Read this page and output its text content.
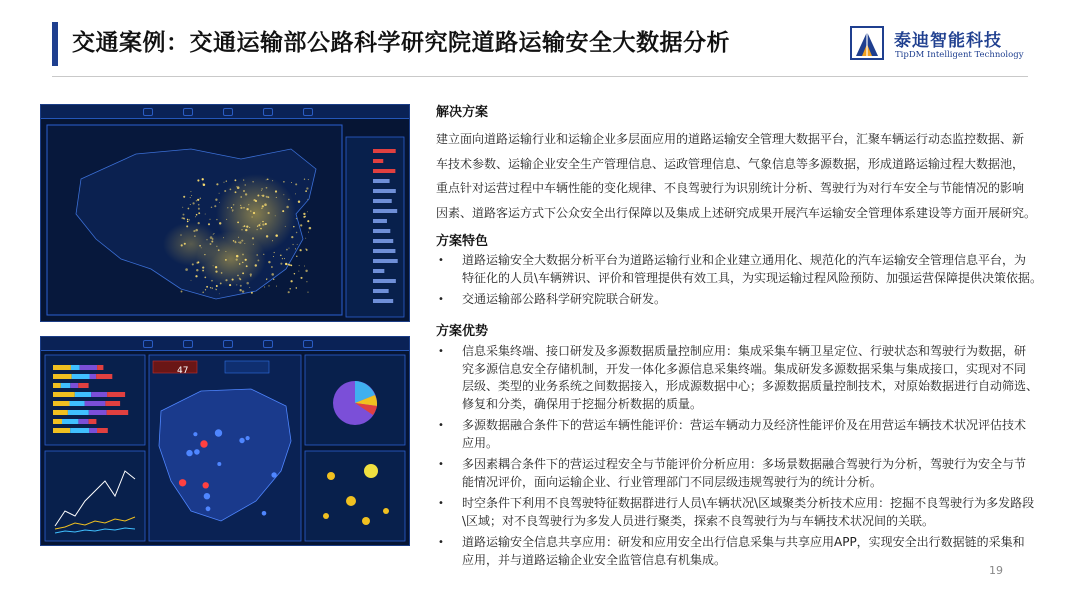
交通案例：交通运输部公路科学研究院道路运输安全大数据分析	泰迪智能科技
TipDM Intelligent Technology
47
解决方案

建立面向道路运输行业和运输企业多层面应用的道路运输安全管理大数据平台，汇聚车辆运行动态监控数据、新

车技术参数、运输企业安全生产管理信息、运政管理信息、气象信息等多源数据，形成道路运输过程大数据池，

重点针对运营过程中车辆性能的变化规律、不良驾驶行为识别统计分析、驾驶行为对行车安全与节能情况的影响

因素、道路客运方式下公众安全出行保障以及集成上述研究成果开展汽车运输安全管理体系建设等方面开展研究。

方案特色
• 道路运输安全大数据分析平台为道路运输行业和企业建立通用化、规范化的汽车运输安全管理信息平台，为
特征化的人员\车辆辨识、评价和管理提供有效工具，为实现运输过程风险预防、加强运营保障提供决策依据。
• 交通运输部公路科学研究院联合研发。
方案优势
• 信息采集终端、接口研发及多源数据质量控制应用：集成采集车辆卫星定位、行驶状态和驾驶行为数据，研
究多源信息安全存储机制，开发一体化多源信息采集终端。集成研发多源数据采集与集成接口，实现对不同
层级、类型的业务系统之间数据接入，形成源数据中心；多源数据质量控制技术，对原始数据进行自动筛选、
修复和分类，确保用于挖掘分析数据的质量。
• 多源数据融合条件下的营运车辆性能评价：营运车辆动力及经济性能评价及在用营运车辆技术状况评估技术
应用。
• 多因素耦合条件下的营运过程安全与节能评价分析应用：多场景数据融合驾驶行为分析，驾驶行为安全与节
能情况评价，面向运输企业、行业管理部门不同层级违规驾驶行为的统计分析。
• 时空条件下利用不良驾驶特征数据群进行人员\车辆状况\区域聚类分析技术应用：挖掘不良驾驶行为多发路段
\区域；对不良驾驶行为多发人员进行聚类，探索不良驾驶行为与车辆技术状况间的关联。
• 道路运输安全信息共享应用：研发和应用安全出行信息采集与共享应用APP，实现安全出行数据链的采集和
应用，并与道路运输企业安全监管信息有机集成。
19
